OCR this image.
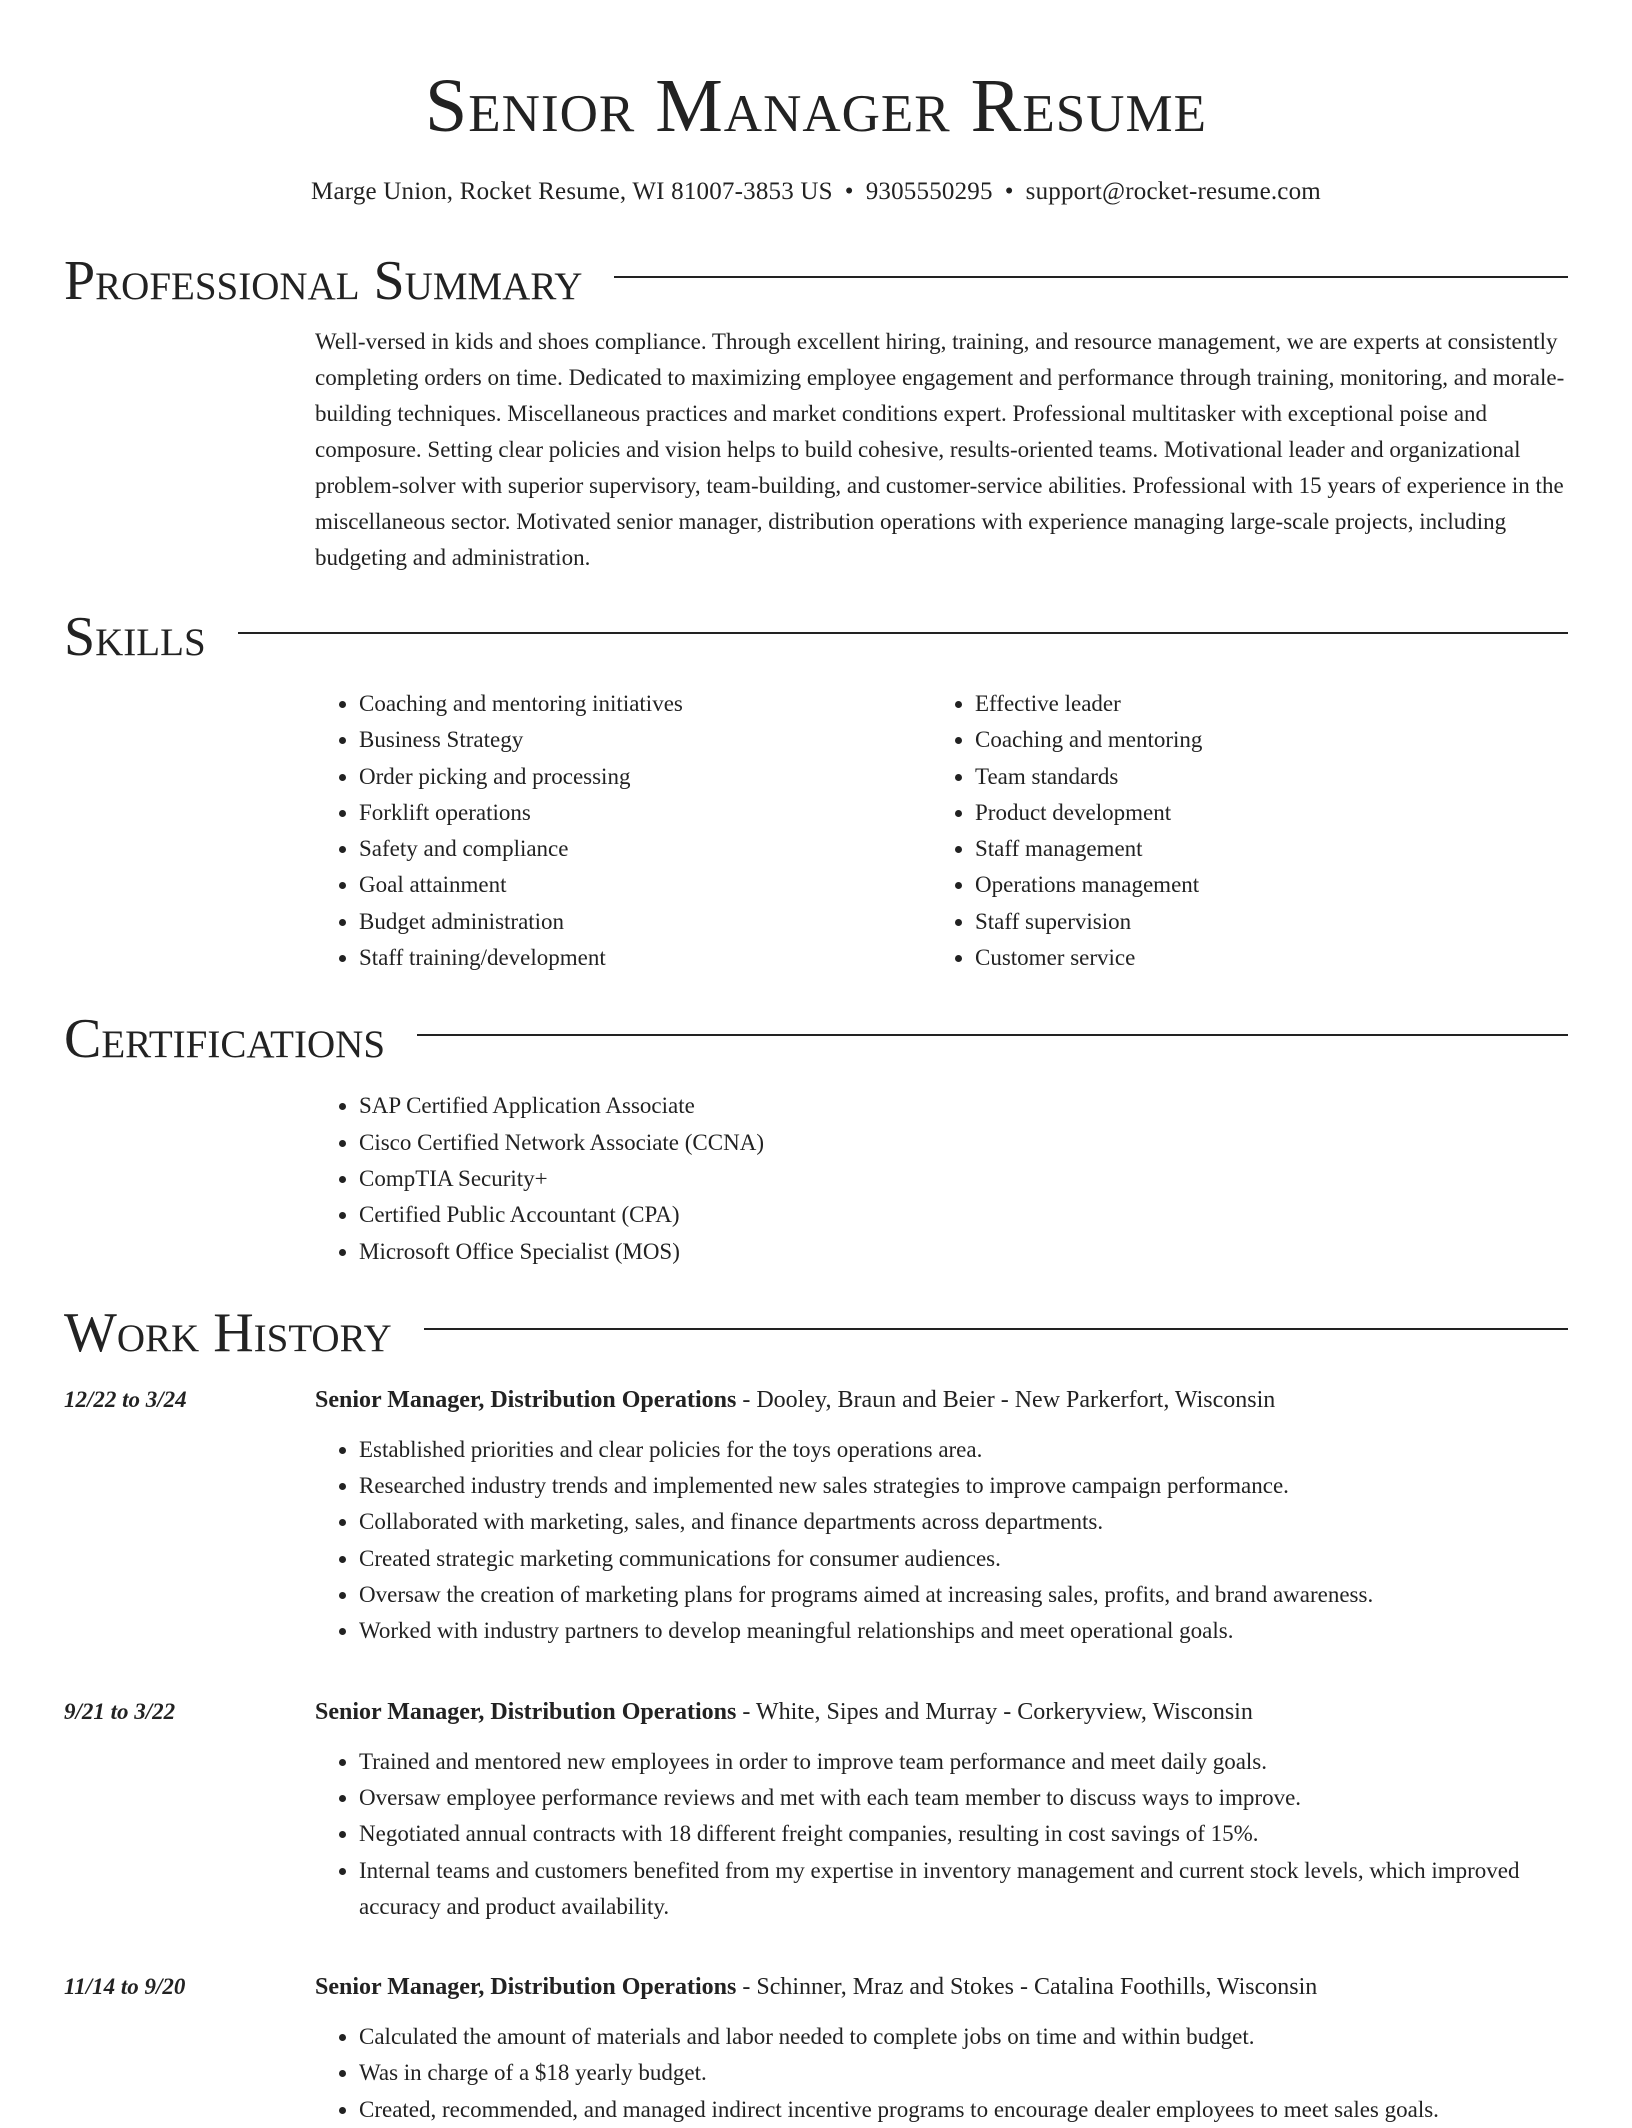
Senior Manager Resume
Marge Union, Rocket Resume, WI 81007-3853 US • 9305550295 • support@rocket-resume.com
Professional Summary
Well-versed in kids and shoes compliance. Through excellent hiring, training, and resource management, we are experts at consistently completing orders on time. Dedicated to maximizing employee engagement and performance through training, monitoring, and morale-building techniques. Miscellaneous practices and market conditions expert. Professional multitasker with exceptional poise and composure. Setting clear policies and vision helps to build cohesive, results-oriented teams. Motivational leader and organizational problem-solver with superior supervisory, team-building, and customer-service abilities. Professional with 15 years of experience in the miscellaneous sector. Motivated senior manager, distribution operations with experience managing large-scale projects, including budgeting and administration.
Skills
• Coaching and mentoring initiatives
• Business Strategy
• Order picking and processing
• Forklift operations
• Safety and compliance
• Goal attainment
• Budget administration
• Staff training/development
• Effective leader
• Coaching and mentoring
• Team standards
• Product development
• Staff management
• Operations management
• Staff supervision
• Customer service
Certifications
• SAP Certified Application Associate
• Cisco Certified Network Associate (CCNA)
• CompTIA Security+
• Certified Public Accountant (CPA)
• Microsoft Office Specialist (MOS)
Work History
12/22 to 3/24	Senior Manager, Distribution Operations - Dooley, Braun and Beier - New Parkerfort, Wisconsin
• Established priorities and clear policies for the toys operations area.
• Researched industry trends and implemented new sales strategies to improve campaign performance.
• Collaborated with marketing, sales, and finance departments across departments.
• Created strategic marketing communications for consumer audiences.
• Oversaw the creation of marketing plans for programs aimed at increasing sales, profits, and brand awareness.
• Worked with industry partners to develop meaningful relationships and meet operational goals.
9/21 to 3/22	Senior Manager, Distribution Operations - White, Sipes and Murray - Corkeryview, Wisconsin
• Trained and mentored new employees in order to improve team performance and meet daily goals.
• Oversaw employee performance reviews and met with each team member to discuss ways to improve.
• Negotiated annual contracts with 18 different freight companies, resulting in cost savings of 15%.
• Internal teams and customers benefited from my expertise in inventory management and current stock levels, which improved accuracy and product availability.
11/14 to 9/20	Senior Manager, Distribution Operations - Schinner, Mraz and Stokes - Catalina Foothills, Wisconsin
• Calculated the amount of materials and labor needed to complete jobs on time and within budget.
• Was in charge of a $18 yearly budget.
• Created, recommended, and managed indirect incentive programs to encourage dealer employees to meet sales goals.
